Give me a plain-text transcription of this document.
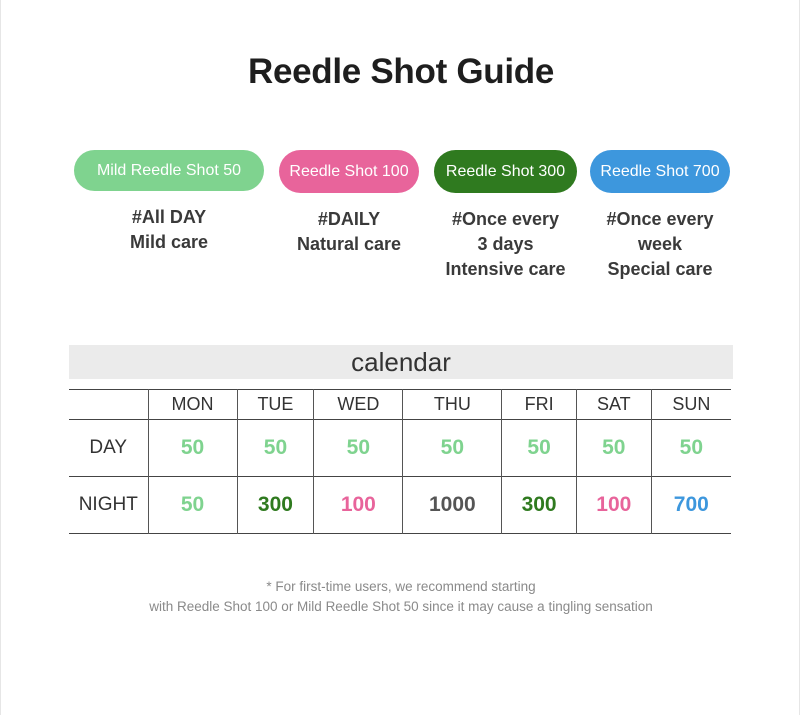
Reedle Shot Guide
Mild Reedle Shot 50
#All DAY
Mild care
Reedle Shot 100
#DAILY
Natural care
Reedle Shot 300
#Once every
3 days
Intensive care
Reedle Shot 700
#Once every
week
Special care
calendar
	MON	TUE	WED	THU	FRI	SAT	SUN
DAY	50	50	50	50	50	50	50
NIGHT	50	300	100	1000	300	100	700
* For first-time users, we recommend starting
with Reedle Shot 100 or Mild Reedle Shot 50 since it may cause a tingling sensation
